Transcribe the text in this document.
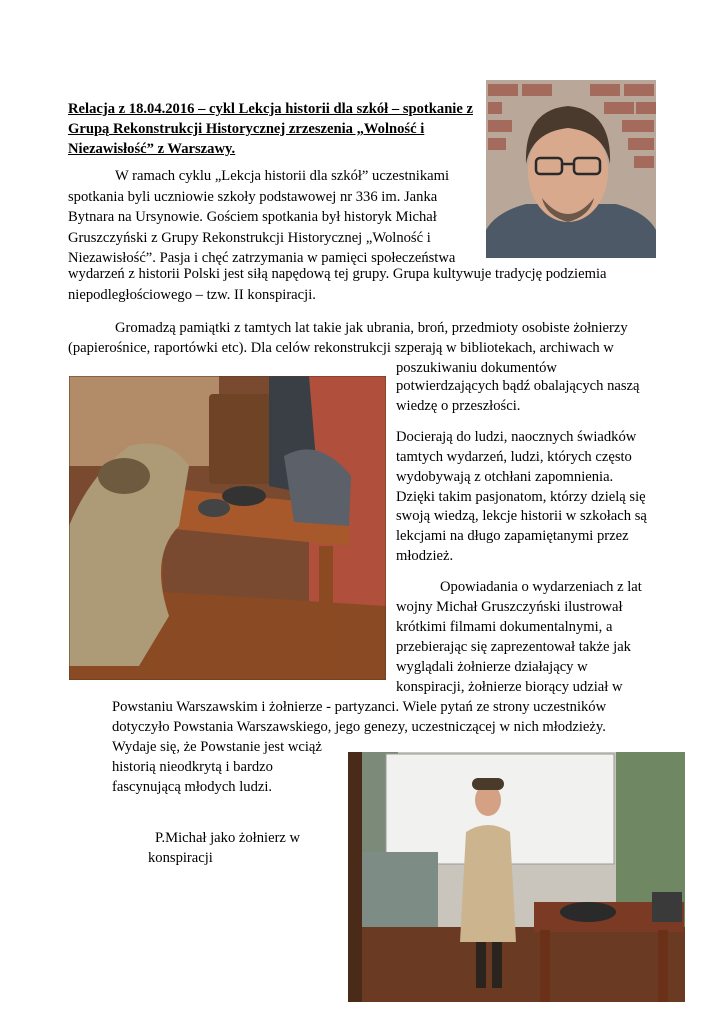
Relacja z 18.04.2016 – cykl Lekcja historii dla szkół – spotkanie z
Grupą Rekonstrukcji Historycznej zrzeszenia „Wolność i
Niezawisłość” z Warszawy.
W ramach cyklu „Lekcja historii dla szkół” uczestnikami
spotkania byli uczniowie szkoły podstawowej nr 336 im. Janka
Bytnara na Ursynowie. Gościem spotkania był historyk Michał
Gruszczyński z Grupy Rekonstrukcji Historycznej „Wolność i
Niezawisłość”. Pasja i chęć zatrzymania w pamięci społeczeństwa
wydarzeń z historii Polski jest siłą napędową tej grupy. Grupa kultywuje tradycję podziemia
niepodległościowego – tzw. II konspiracji.
Gromadzą pamiątki z tamtych lat takie jak ubrania, broń, przedmioty osobiste żołnierzy
(papierośnice, raportówki etc). Dla celów rekonstrukcji szperają w bibliotekach, archiwach w
poszukiwaniu dokumentów
potwierdzających bądź obalających naszą
wiedzę o przeszłości.
Docierają do ludzi, naocznych świadków
tamtych wydarzeń, ludzi, których często
wydobywają z otchłani zapomnienia.
Dzięki takim pasjonatom, którzy dzielą się
swoją wiedzą, lekcje historii w szkołach są
lekcjami na długo zapamiętanymi przez
młodzież.
Opowiadania o wydarzeniach z lat
wojny Michał Gruszczyński ilustrował
krótkimi filmami dokumentalnymi, a
przebierając się zaprezentował także jak
wyglądali żołnierze działający w
konspiracji, żołnierze biorący udział w
Powstaniu Warszawskim i żołnierze - partyzanci. Wiele pytań ze strony uczestników
dotyczyło Powstania Warszawskiego, jego genezy, uczestniczącej w nich młodzieży.
Wydaje się, że Powstanie jest wciąż
historią nieodkrytą i bardzo
fascynującą młodych ludzi.
P.Michał jako żołnierz w
konspiracji
